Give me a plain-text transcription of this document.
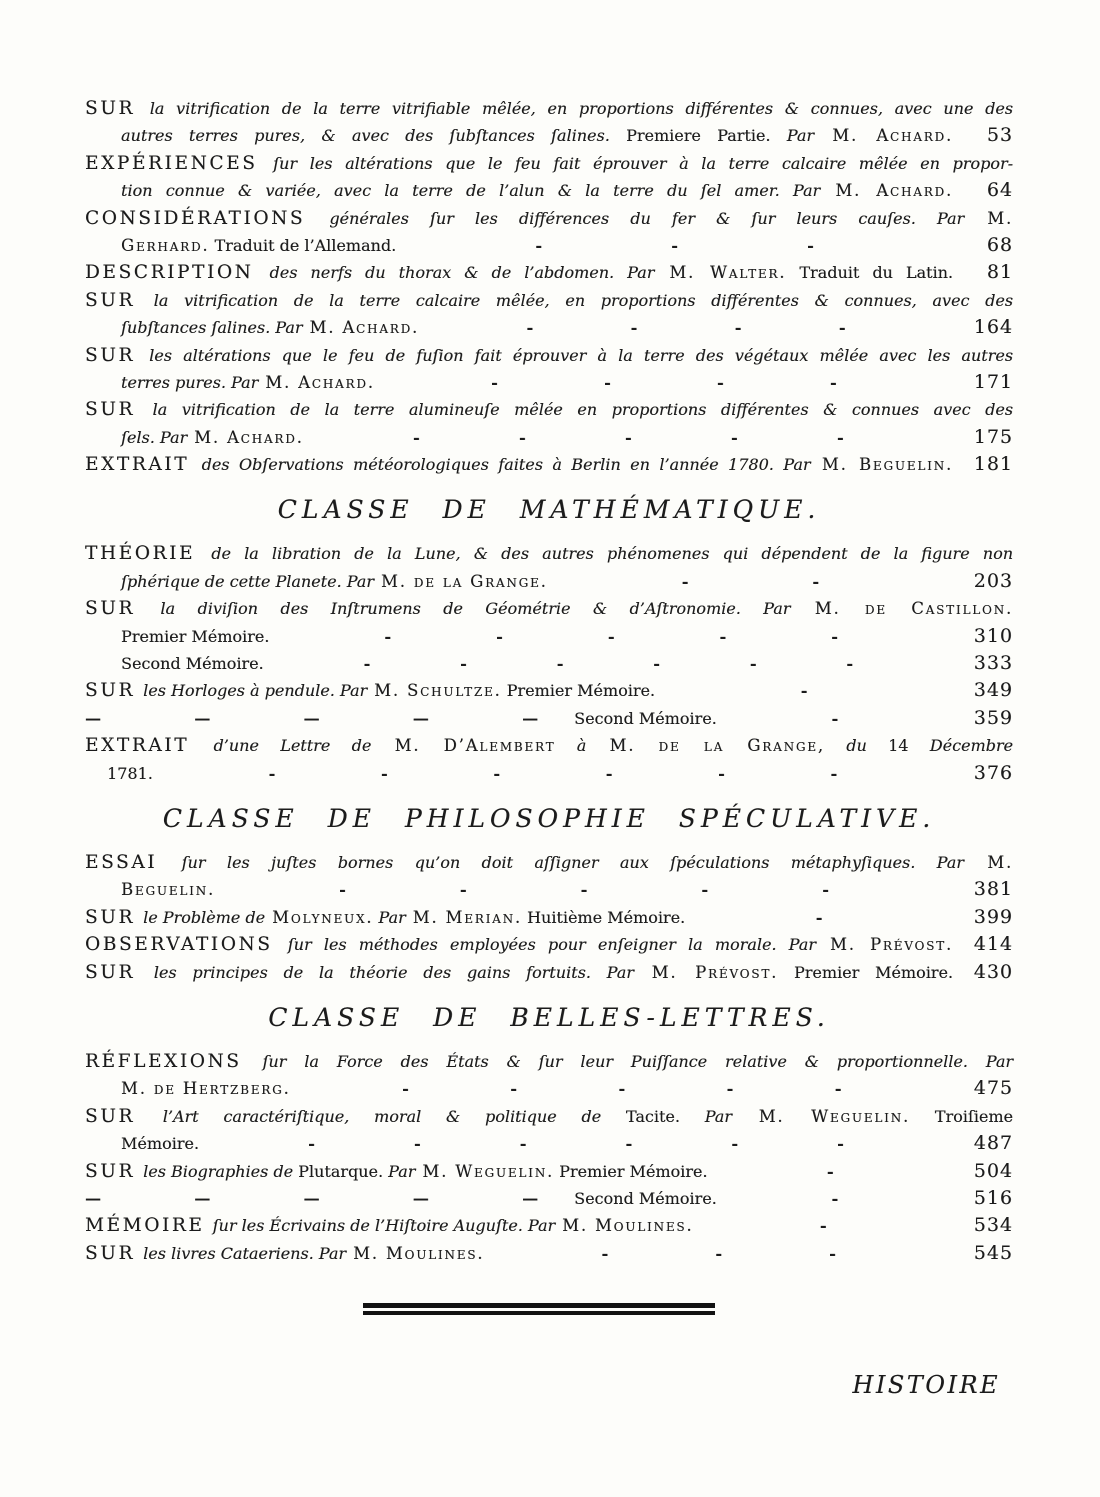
SUR la vitrification de la terre vitrifiable mêlée, en proportions différentes & connues, avec une des
autres terres pures, & avec des ſubſtances ſalines. Premiere Partie. Par M. Achard.	53
EXPÉRIENCES ſur les altérations que le feu fait éprouver à la terre calcaire mêlée en propor-
tion connue & variée, avec la terre de l’alun & la terre du ſel amer. Par M. Achard.	64
CONSIDÉRATIONS générales ſur les différences du fer & ſur leurs cauſes. Par M.
Gerhard. Traduit de l’Allemand.	-	-	-	68
DESCRIPTION des nerfs du thorax & de l’abdomen. Par M. Walter. Traduit du Latin.	81
SUR la vitrification de la terre calcaire mêlée, en proportions différentes & connues, avec des
ſubſtances ſalines. Par M. Achard.	-	-	-	-	164
SUR les altérations que le feu de fuſion fait éprouver à la terre des végétaux mêlée avec les autres
terres pures. Par M. Achard.	-	-	-	-	171
SUR la vitrification de la terre alumineuſe mêlée en proportions différentes & connues avec des
ſels. Par M. Achard.	-	-	-	-	-	175
EXTRAIT des Obſervations météorologiques faites à Berlin en l’année 1780. Par M. Beguelin.	181
CLASSE DE MATHÉMATIQUE.
THÉORIE de la libration de la Lune, & des autres phénomenes qui dépendent de la figure non
ſphérique de cette Planete. Par M. de la Grange.	-	-	203
SUR la diviſion des Inſtrumens de Géométrie & d’Aſtronomie. Par M. de Castillon.
Premier Mémoire.	-	-	-	-	-	310
Second Mémoire.	-	-	-	-	-	-	333
SUR les Horloges à pendule. Par M. Schultze. Premier Mémoire.	-	349
—	—	—	—	— Second Mémoire.	-	359
EXTRAIT d’une Lettre de M. D’Alembert à M. de la Grange, du 14 Décembre
1781.	-	-	-	-	-	-	376
CLASSE DE PHILOSOPHIE SPÉCULATIVE.
ESSAI ſur les juſtes bornes qu’on doit aſſigner aux ſpéculations métaphyſiques. Par M.
Beguelin.	-	-	-	-	-	381
SUR le Problème de Molyneux. Par M. Merian. Huitième Mémoire.	-	399
OBSERVATIONS ſur les méthodes employées pour enſeigner la morale. Par M. Prévost.	414
SUR les principes de la théorie des gains fortuits. Par M. Prévost. Premier Mémoire.	430
CLASSE DE BELLES-LETTRES.
RÉFLEXIONS ſur la Force des États & ſur leur Puiſſance relative & proportionnelle. Par
M. de Hertzberg.	-	-	-	-	-	475
SUR l’Art caractériſtique, moral & politique de Tacite. Par M. Weguelin. Troiſieme
Mémoire.	-	-	-	-	-	-	487
SUR les Biographies de Plutarque. Par M. Weguelin. Premier Mémoire.	-	504
—	—	—	—	— Second Mémoire.	-	516
MÉMOIRE ſur les Écrivains de l’Hiſtoire Auguſte. Par M. Moulines.	-	534
SUR les livres Cataeriens. Par M. Moulines.	-	-	-	545
HISTOIRE
